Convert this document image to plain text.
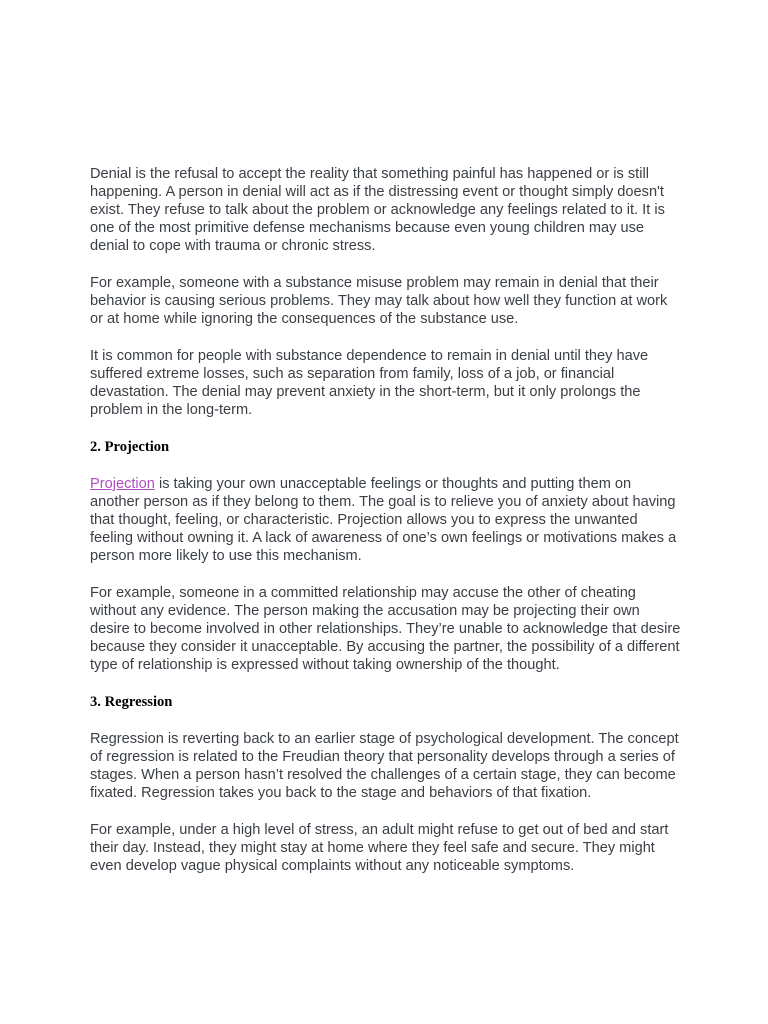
Denial is the refusal to accept the reality that something painful has happened or is still happening. A person in denial will act as if the distressing event or thought simply doesn't exist. They refuse to talk about the problem or acknowledge any feelings related to it. It is one of the most primitive defense mechanisms because even young children may use denial to cope with trauma or chronic stress.

For example, someone with a substance misuse problem may remain in denial that their behavior is causing serious problems. They may talk about how well they function at work or at home while ignoring the consequences of the substance use.

It is common for people with substance dependence to remain in denial until they have suffered extreme losses, such as separation from family, loss of a job, or financial devastation. The denial may prevent anxiety in the short-term, but it only prolongs the problem in the long-term.

2. Projection

Projection is taking your own unacceptable feelings or thoughts and putting them on another person as if they belong to them. The goal is to relieve you of anxiety about having that thought, feeling, or characteristic. Projection allows you to express the unwanted feeling without owning it. A lack of awareness of one’s own feelings or motivations makes a person more likely to use this mechanism.

For example, someone in a committed relationship may accuse the other of cheating without any evidence. The person making the accusation may be projecting their own desire to become involved in other relationships. They’re unable to acknowledge that desire because they consider it unacceptable. By accusing the partner, the possibility of a different type of relationship is expressed without taking ownership of the thought.

3. Regression

Regression is reverting back to an earlier stage of psychological development. The concept of regression is related to the Freudian theory that personality develops through a series of stages. When a person hasn’t resolved the challenges of a certain stage, they can become fixated. Regression takes you back to the stage and behaviors of that fixation.

For example, under a high level of stress, an adult might refuse to get out of bed and start their day. Instead, they might stay at home where they feel safe and secure. They might even develop vague physical complaints without any noticeable symptoms.
